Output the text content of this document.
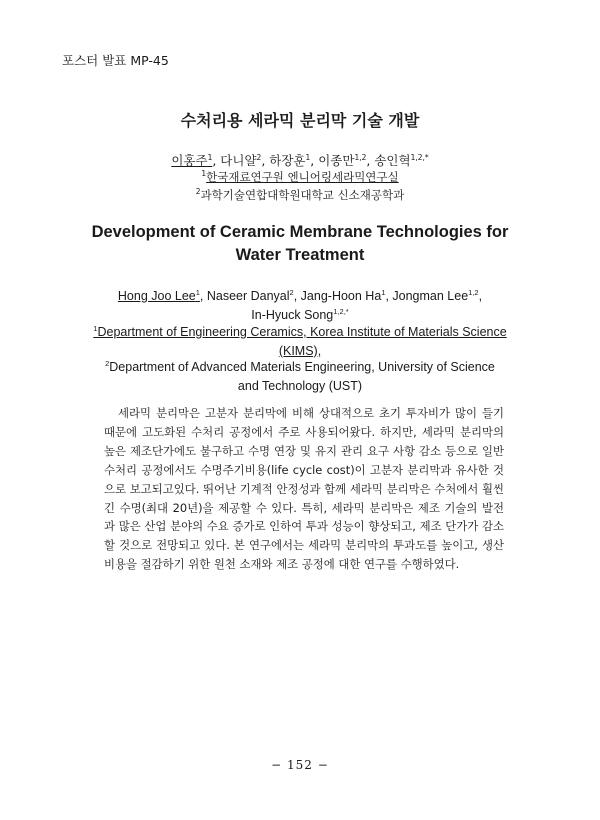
포스터 발표 MP-45
수처리용 세라믹 분리막 기술 개발
이홍주$^1$, 다니얄$^2$, 하장훈$^1$, 이종만$^{1,2}$, 송인혁$^{1,2,*}$
$^1$한국재료연구원 엔니어링세라믹연구실
$^2$과학기술연합대학원대학교 신소재공학과
Development of Ceramic Membrane Technologies for
Water Treatment
Hong Joo Lee$^1$, Naseer Danyal$^2$, Jang-Hoon Ha$^1$, Jongman Lee$^{1,2}$,
In-Hyuck Song$^{1,2,*}$
$^1$Department of Engineering Ceramics, Korea Institute of Materials Science
(KIMS),
$^2$Department of Advanced Materials Engineering, University of Science and Technology (UST)
세라믹 분리막은 고분자 분리막에 비해 상대적으로 초기 투자비가 많이 들기 때문에 고도화된 수처리 공정에서 주로 사용되어왔다. 하지만, 세라믹 분리막의 높은 제조단가에도 불구하고 수명 연장 및 유지 관리 요구 사항 감소 등으로 일반 수처리 공정에서도 수명주기비용(life cycle cost)이 고분자 분리막과 유사한 것으로 보고되고있다. 뛰어난 기계적 안정성과 함께 세라믹 분리막은 수처에서 훨씬 긴 수명(최대 20년)을 제공할 수 있다. 특히, 세라믹 분리막은 제조 기술의 발전과 많은 산업 분야의 수요 증가로 인하여 투과 성능이 향상되고, 제조 단가가 감소할 것으로 전망되고 있다. 본 연구에서는 세라믹 분리막의 투과도를 높이고, 생산 비용을 절감하기 위한 원천 소재와 제조 공정에 대한 연구를 수행하였다.
− 152 −
